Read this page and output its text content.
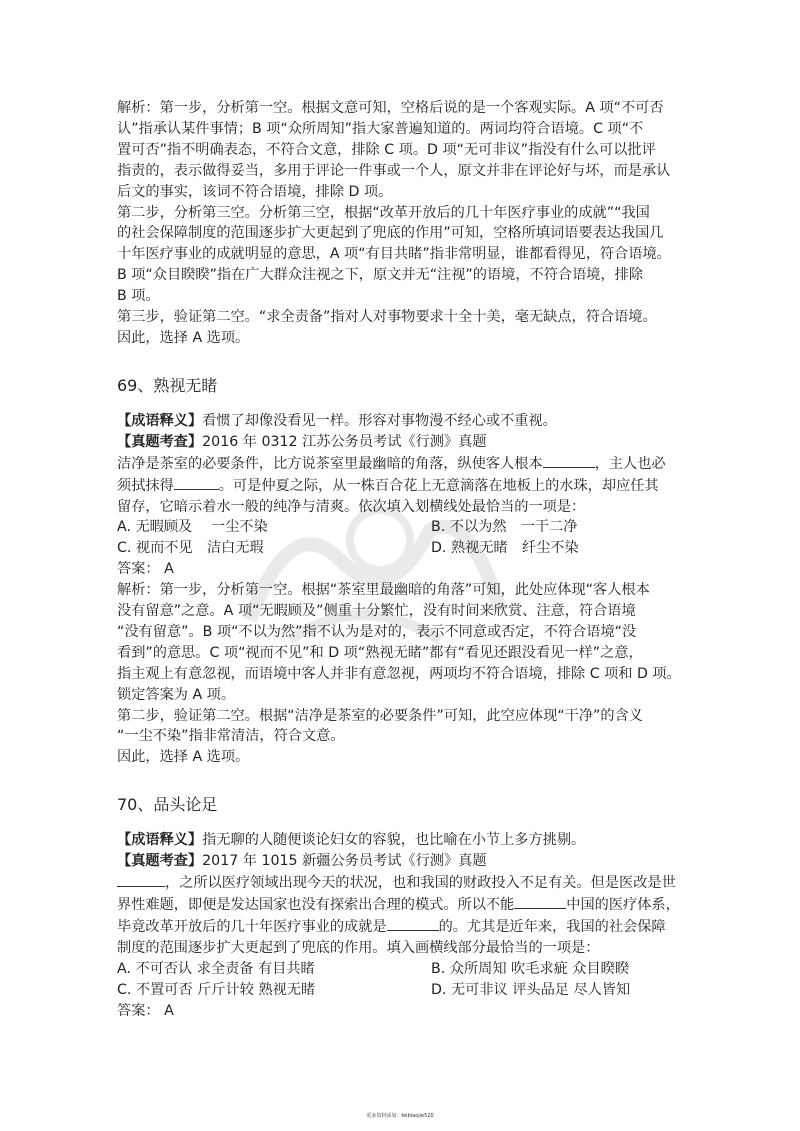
解析：第一步，分析第一空。根据文意可知，空格后说的是一个客观实际。A 项“不可否

认”指承认某件事情；B 项“众所周知”指大家普遍知道的。两词均符合语境。C 项“不

置可否”指不明确表态，不符合文意，排除 C 项。D 项“无可非议”指没有什么可以批评

指责的，表示做得妥当，多用于评论一件事或一个人，原文并非在评论好与坏，而是承认

后文的事实，该词不符合语境，排除 D 项。

第二步，分析第三空。分析第三空，根据“改革开放后的几十年医疗事业的成就”“我国

的社会保障制度的范围逐步扩大更起到了兜底的作用”可知，空格所填词语要表达我国几

十年医疗事业的成就明显的意思，A 项“有目共睹”指非常明显，谁都看得见，符合语境。

B 项“众目睽睽”指在广大群众注视之下，原文并无“注视”的语境，不符合语境，排除

B 项。

第三步，验证第二空。“求全责备”指对人对事物要求十全十美，毫无缺点，符合语境。

因此，选择 A 选项。

69、熟视无睹

【成语释义】看惯了却像没看见一样。形容对事物漫不经心或不重视。

【真题考查】2016 年 0312 江苏公务员考试《行测》真题

洁净是茶室的必要条件，比方说茶室里最幽暗的角落，纵使客人根本	，主人也必

须拭抹得	。可是仲夏之际，从一株百合花上无意滴落在地板上的水珠，却应任其

留存，它暗示着水一般的纯净与清爽。依次填入划横线处最恰当的一项是：

A. 无暇顾及　 一尘不染	B. 不以为然　一干二净
C. 视而不见　洁白无瑕	D. 熟视无睹　纤尘不染

答案： A

解析：第一步，分析第一空。根据“茶室里最幽暗的角落”可知，此处应体现“客人根本

没有留意”之意。A 项“无暇顾及”侧重十分繁忙，没有时间来欣赏、注意，符合语境

“没有留意”。B 项“不以为然”指不认为是对的，表示不同意或否定，不符合语境“没

看到”的意思。C 项“视而不见”和 D 项“熟视无睹”都有“看见还跟没看见一样”之意，

指主观上有意忽视，而语境中客人并非有意忽视，两项均不符合语境，排除 C 项和 D 项。

锁定答案为 A 项。

第二步，验证第二空。根据“洁净是茶室的必要条件”可知，此空应体现“干净”的含义

“一尘不染”指非常清洁，符合文意。

因此，选择 A 选项。

70、品头论足

【成语释义】指无聊的人随便谈论妇女的容貌，也比喻在小节上多方挑剔。

【真题考查】2017 年 1015 新疆公务员考试《行测》真题

，之所以医疗领域出现今天的状况，也和我国的财政投入不足有关。但是医改是世

界性难题，即便是发达国家也没有探索出合理的模式。所以不能	中国的医疗体系，

毕竟改革开放后的几十年医疗事业的成就是	的。尤其是近年来，我国的社会保障

制度的范围逐步扩大更起到了兜底的作用。填入画横线部分最恰当的一项是：

A. 不可否认 求全责备 有目共睹	B. 众所周知 吹毛求疵 众目睽睽
C. 不置可否 斤斤计较 熟视无睹	D. 无可非议 评头品足 尽人皆知

答案： A

更多资料添加：feibiaojie520
